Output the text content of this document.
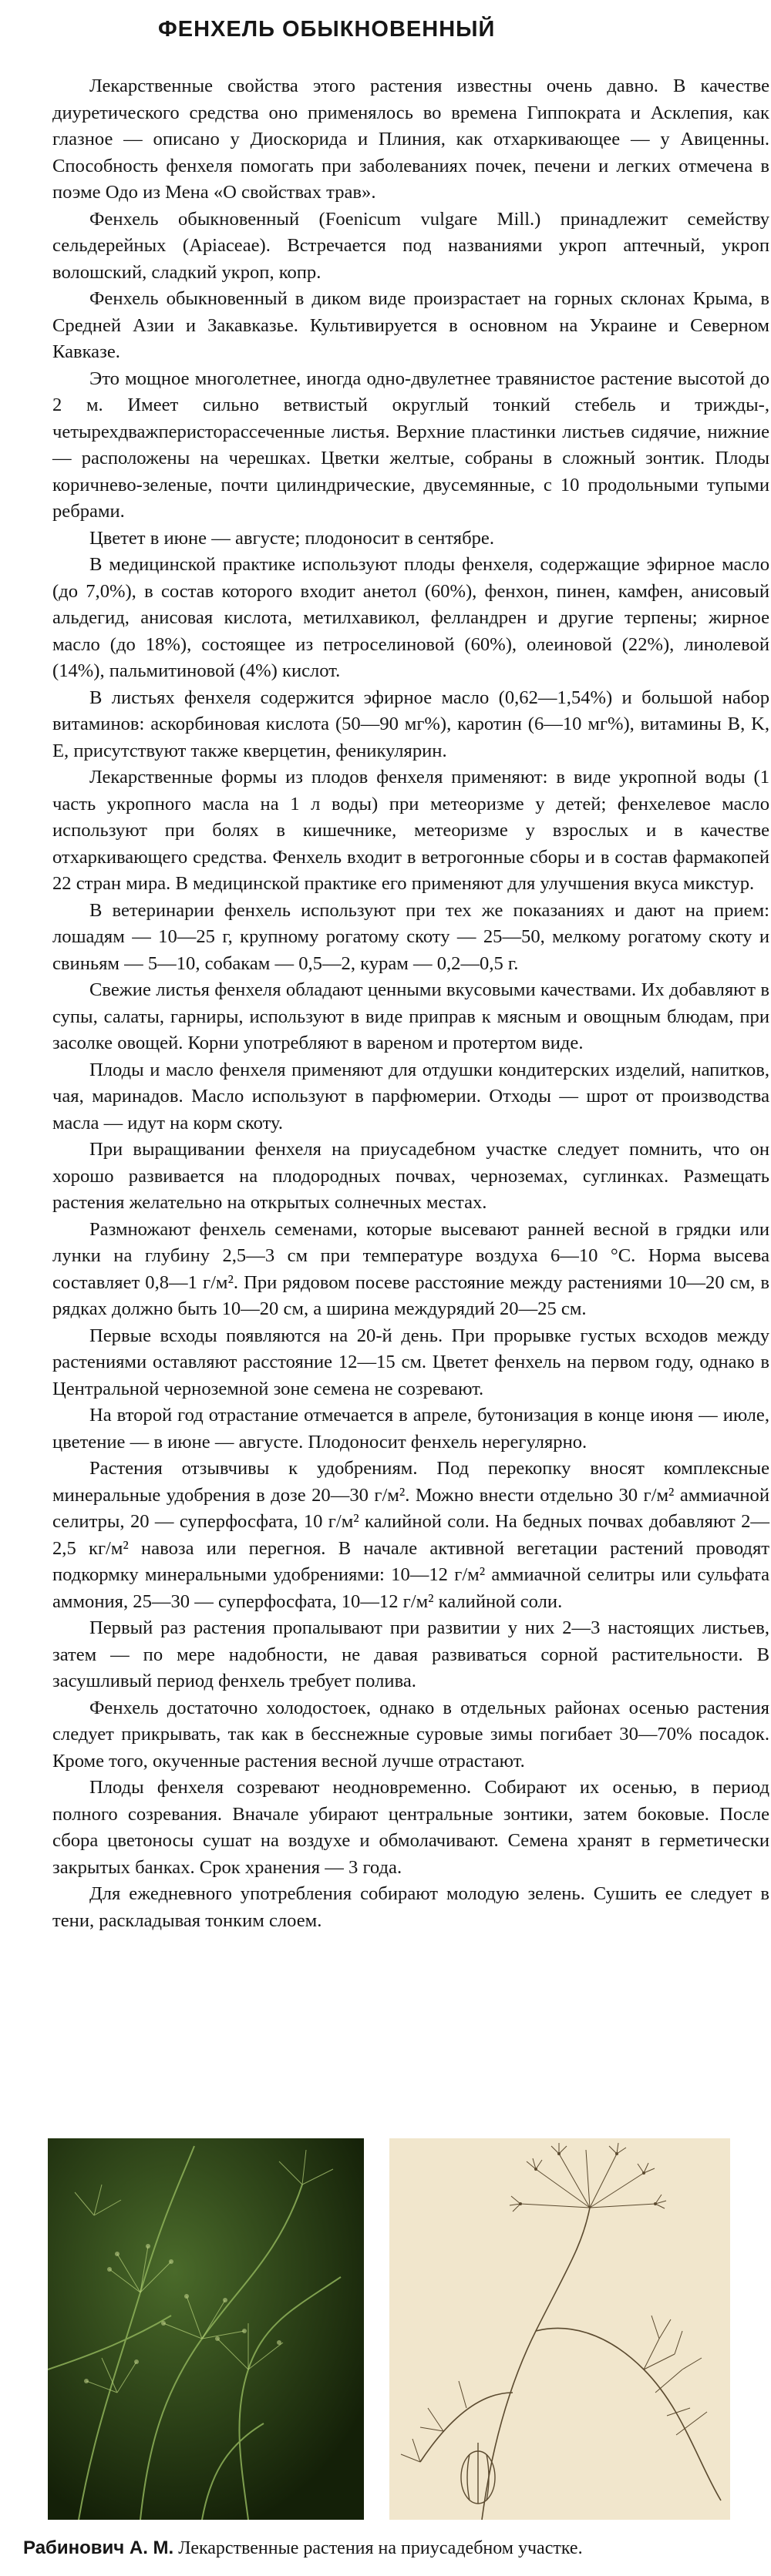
ФЕНХЕЛЬ ОБЫКНОВЕННЫЙ

Лекарственные свойства этого растения известны очень давно. В качестве диуретического средства оно применялось во времена Гиппократа и Асклепия, как глазное — описано у Диоскорида и Плиния, как отхаркивающее — у Авиценны. Способность фенхеля помогать при заболеваниях почек, печени и легких отмечена в поэме Одо из Мена «О свойствах трав».

Фенхель обыкновенный (Foenicum vulgare Mill.) принадлежит семейству сельдерейных (Apiaceae). Встречается под названиями укроп аптечный, укроп волошский, сладкий укроп, копр.

Фенхель обыкновенный в диком виде произрастает на горных склонах Крыма, в Средней Азии и Закавказье. Культивируется в основном на Украине и Северном Кавказе.

Это мощное многолетнее, иногда одно-двулетнее травянистое растение высотой до 2 м. Имеет сильно ветвистый округлый тонкий стебель и трижды-, четырехдважперисторассеченные листья. Верхние пластинки листьев сидячие, нижние — расположены на черешках. Цветки желтые, собраны в сложный зонтик. Плоды коричнево-зеленые, почти цилиндрические, двусемянные, с 10 продольными тупыми ребрами.

Цветет в июне — августе; плодоносит в сентябре.

В медицинской практике используют плоды фенхеля, содержащие эфирное масло (до 7,0%), в состав которого входит анетол (60%), фенхон, пинен, камфен, анисовый альдегид, анисовая кислота, метилхавикол, фелландрен и другие терпены; жирное масло (до 18%), состоящее из петроселиновой (60%), олеиновой (22%), линолевой (14%), пальмитиновой (4%) кислот.

В листьях фенхеля содержится эфирное масло (0,62—1,54%) и большой набор витаминов: аскорбиновая кислота (50—90 мг%), каротин (6—10 мг%), витамины B, K, E, присутствуют также кверцетин, феникулярин.

Лекарственные формы из плодов фенхеля применяют: в виде укропной воды (1 часть укропного масла на 1 л воды) при метеоризме у детей; фенхелевое масло используют при болях в кишечнике, метеоризме у взрослых и в качестве отхаркивающего средства. Фенхель входит в ветрогонные сборы и в состав фармакопей 22 стран мира. В медицинской практике его применяют для улучшения вкуса микстур.

В ветеринарии фенхель используют при тех же показаниях и дают на прием: лошадям — 10—25 г, крупному рогатому скоту — 25—50, мелкому рогатому скоту и свиньям — 5—10, собакам — 0,5—2, курам — 0,2—0,5 г.

Свежие листья фенхеля обладают ценными вкусовыми качествами. Их добавляют в супы, салаты, гарниры, используют в виде приправ к мясным и овощным блюдам, при засолке овощей. Корни употребляют в вареном и протертом виде.

Плоды и масло фенхеля применяют для отдушки кондитерских изделий, напитков, чая, маринадов. Масло используют в парфюмерии. Отходы — шрот от производства масла — идут на корм скоту.

При выращивании фенхеля на приусадебном участке следует помнить, что он хорошо развивается на плодородных почвах, черноземах, суглинках. Размещать растения желательно на открытых солнечных местах.

Размножают фенхель семенами, которые высевают ранней весной в грядки или лунки на глубину 2,5—3 см при температуре воздуха 6—10 °С. Норма высева составляет 0,8—1 г/м². При рядовом посеве расстояние между растениями 10—20 см, в рядках должно быть 10—20 см, а ширина междурядий 20—25 см.

Первые всходы появляются на 20-й день. При прорывке густых всходов между растениями оставляют расстояние 12—15 см. Цветет фенхель на первом году, однако в Центральной черноземной зоне семена не созревают.

На второй год отрастание отмечается в апреле, бутонизация в конце июня — июле, цветение — в июне — августе. Плодоносит фенхель нерегулярно.

Растения отзывчивы к удобрениям. Под перекопку вносят комплексные минеральные удобрения в дозе 20—30 г/м². Можно внести отдельно 30 г/м² аммиачной селитры, 20 — суперфосфата, 10 г/м² калийной соли. На бедных почвах добавляют 2—2,5 кг/м² навоза или перегноя. В начале активной вегетации растений проводят подкормку минеральными удобрениями: 10—12 г/м² аммиачной селитры или сульфата аммония, 25—30 — суперфосфата, 10—12 г/м² калийной соли.

Первый раз растения пропалывают при развитии у них 2—3 настоящих листьев, затем — по мере надобности, не давая развиваться сорной растительности. В засушливый период фенхель требует полива.

Фенхель достаточно холодостоек, однако в отдельных районах осенью растения следует прикрывать, так как в бесснежные суровые зимы погибает 30—70% посадок. Кроме того, окученные растения весной лучше отрастают.

Плоды фенхеля созревают неодновременно. Собирают их осенью, в период полного созревания. Вначале убирают центральные зонтики, затем боковые. После сбора цветоносы сушат на воздухе и обмолачивают. Семена хранят в герметически закрытых банках. Срок хранения — 3 года.

Для ежедневного употребления собирают молодую зелень. Сушить ее следует в тени, раскладывая тонким слоем.

Рабинович А. М. Лекарственные растения на приусадебном участке.
